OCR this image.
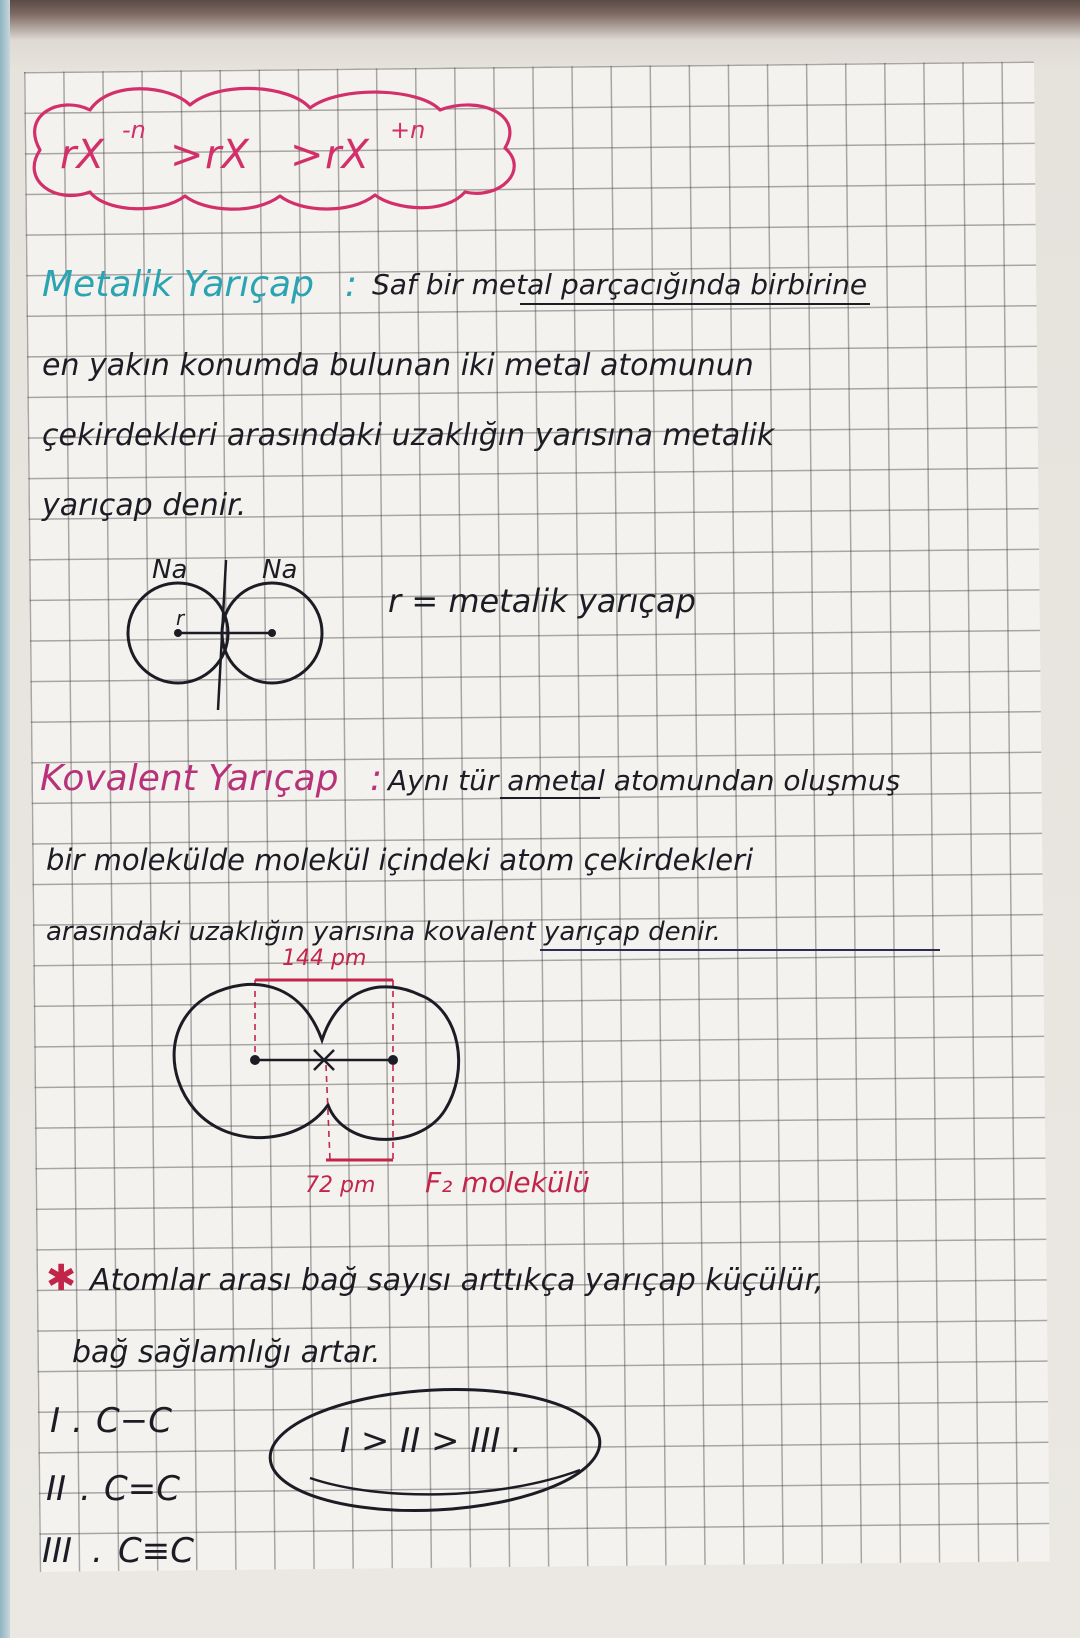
rX
-n
> rX > rX
+n
Metalik Yarıçap : Saf bir metal parçacığında birbirine
en yakın konumda bulunan iki metal atomunun
çekirdekleri arasındaki uzaklığın yarısına metalik
yarıçap denir.
Na	Na
r	r = metalik yarıçap
Kovalent Yarıçap : Aynı tür ametal atomundan oluşmuş
bir molekülde molekül içindeki atom çekirdekleri
arasındaki uzaklığın yarısına kovalent yarıçap denir.
144 pm
72 pm F₂ molekülü
✱ Atomlar arası bağ sayısı arttıkça yarıçap küçülür,
bağ sağlamlığı artar.
I . C−C
II . C=C
III . C≡C
I > II > III .
